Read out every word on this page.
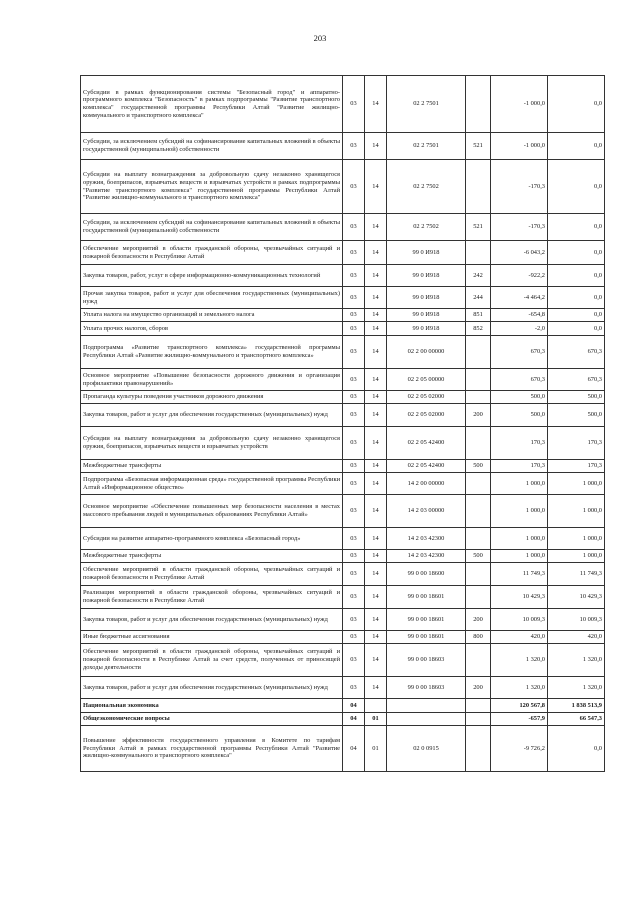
203
Субсидии в рамках функционирования системы "Безопасный город" и аппаратно-программного комплекса "Безопасность" в рамках подпрограммы "Развитие транспортного комплекса" государственной программы Республики Алтай "Развитие жилищно-коммунального и транспортного комплекса"	03	14	02 2 7501		-1 000,0	0,0
Субсидии, за исключением субсидий на софинансирование капитальных вложений в объекты государственной (муниципальной) собственности	03	14	02 2 7501	521	-1 000,0	0,0
Субсидии на выплату вознаграждения за добровольную сдачу незаконно хранящегося оружия, боеприпасов, взрывчатых веществ и взрывчатых устройств в рамках подпрограммы "Развитие транспортного комплекса" государственной программы Республики Алтай "Развитие жилищно-коммунального и транспортного комплекса"	03	14	02 2 7502		-170,3	0,0
Субсидии, за исключением субсидий на софинансирование капитальных вложений в объекты государственной (муниципальной) собственности	03	14	02 2 7502	521	-170,3	0,0
Обеспечение мероприятий в области гражданской обороны, чрезвычайных ситуаций и пожарной безопасности в Республике Алтай	03	14	99 0 И918		-6 043,2	0,0
Закупка товаров, работ, услуг в сфере информационно-коммуникационных технологий	03	14	99 0 И918	242	-922,2	0,0
Прочая закупка товаров, работ и услуг для обеспечения государственных (муниципальных) нужд	03	14	99 0 И918	244	-4 464,2	0,0
Уплата налога на имущество организаций и земельного налога	03	14	99 0 И918	851	-654,8	0,0
Уплата прочих налогов, сборов	03	14	99 0 И918	852	-2,0	0,0
Подпрограмма «Развитие транспортного комплекса» государственной программы Республики Алтай «Развитие жилищно-коммунального и транспортного комплекса»	03	14	02 2 00 00000		670,3	670,3
Основное мероприятие «Повышение безопасности дорожного движения и организация профилактики правонарушений»	03	14	02 2 05 00000		670,3	670,3
Пропаганда культуры поведения участников дорожного движения	03	14	02 2 05 02000		500,0	500,0
Закупка товаров, работ и услуг для обеспечения государственных (муниципальных) нужд	03	14	02 2 05 02000	200	500,0	500,0
Субсидии на выплату вознаграждения за добровольную сдачу незаконно хранящегося оружия, боеприпасов, взрывчатых веществ и взрывчатых устройств	03	14	02 2 05 42400		170,3	170,3
Межбюджетные трансферты	03	14	02 2 05 42400	500	170,3	170,3
Подпрограмма «Безопасная информационная среда» государственной программы Республики Алтай «Информационное общество»	03	14	14 2 00 00000		1 000,0	1 000,0
Основное мероприятие «Обеспечение повышенных мер безопасности населения в местах массового пребывания людей в муниципальных образованиях Республики Алтай»	03	14	14 2 03 00000		1 000,0	1 000,0
Субсидии на развитие аппаратно-программного комплекса «Безопасный город»	03	14	14 2 03 42300		1 000,0	1 000,0
Межбюджетные трансферты	03	14	14 2 03 42300	500	1 000,0	1 000,0
Обеспечение мероприятий в области гражданской обороны, чрезвычайных ситуаций и пожарной безопасности в Республике Алтай	03	14	99 0 00 18600		11 749,3	11 749,3
Реализация мероприятий в области гражданской обороны, чрезвычайных ситуаций и пожарной безопасности в Республике Алтай	03	14	99 0 00 18601		10 429,3	10 429,3
Закупка товаров, работ и услуг для обеспечения государственных (муниципальных) нужд	03	14	99 0 00 18601	200	10 009,3	10 009,3
Иные бюджетные ассигнования	03	14	99 0 00 18601	800	420,0	420,0
Обеспечение мероприятий в области гражданской обороны, чрезвычайных ситуаций и пожарной безопасности в Республике Алтай за счет средств, полученных от приносящей доходы деятельности	03	14	99 0 00 18603		1 320,0	1 320,0
Закупка товаров, работ и услуг для обеспечения государственных (муниципальных) нужд	03	14	99 0 00 18603	200	1 320,0	1 320,0
Национальная экономика	04				120 567,8	1 838 513,9
Общеэкономические вопросы	04	01			-657,9	66 547,3
Повышение эффективности государственного управления в Комитете по тарифам Республики Алтай в рамках государственной программы Республики Алтай "Развитие жилищно-коммунального и транспортного комплекса"	04	01	02 0 0915		-9 726,2	0,0
